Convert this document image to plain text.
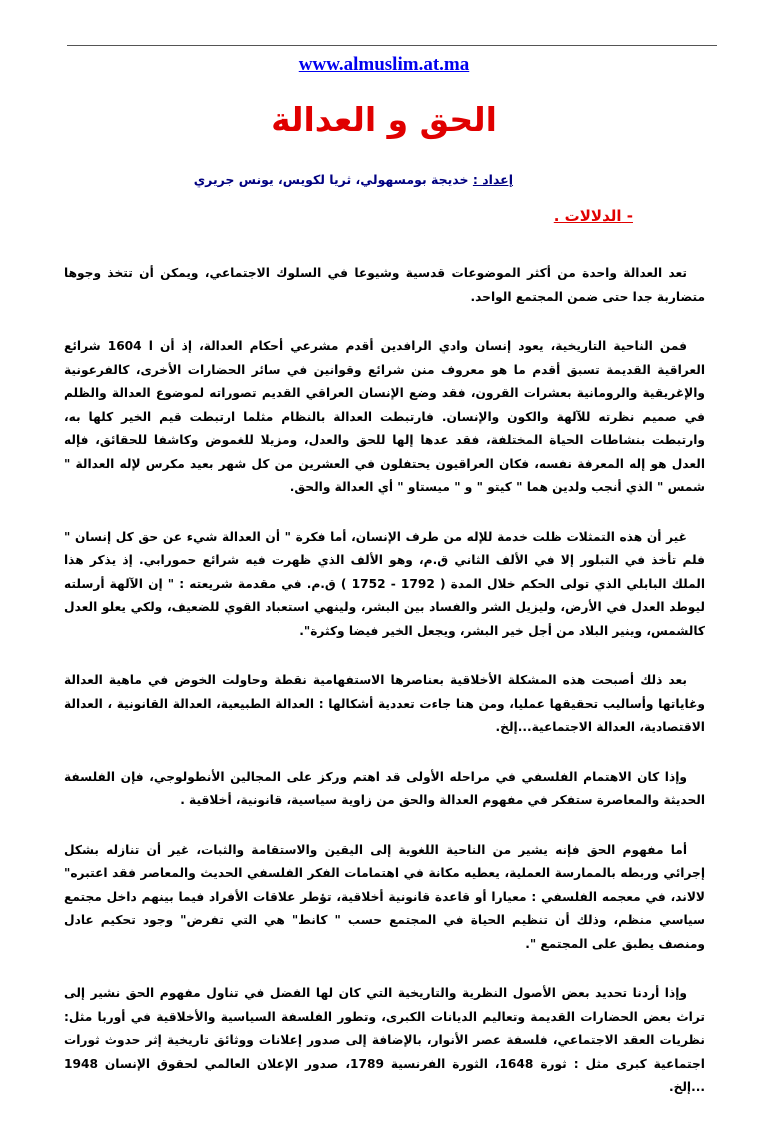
www.almuslim.at.ma
الحق و العدالة
إعداد : خديجة بومسهولي، ثريا لكويس، يونس جريري
- الدلالات .

تعد العدالة واحدة من أكثر الموضوعات قدسية وشيوعا في السلوك الاجتماعي، ويمكن أن تتخذ وجوها متضاربة جدا حتى ضمن المجتمع الواحد.

فمن الناحية التاريخية، يعود إنسان وادي الرافدين أقدم مشرعي أحكام العدالة، إذ أن ا 1604 شرائع العراقية القديمة تسبق أقدم ما هو معروف منن شرائع وقوانين في سائر الحضارات الأخرى، كالفرعونية والإغريقية والرومانية بعشرات القرون، فقد وضع الإنسان العراقي القديم تصوراته لموضوع العدالة والظلم في صميم نظرته للآلهة والكون والإنسان. فارتبطت العدالة بالنظام مثلما ارتبطت قيم الخير كلها به، وارتبطت بنشاطات الحياة المختلفة، فقد عدها إلها للحق والعدل، ومزيلا للغموض وكاشفا للحقائق، فإله العدل هو إله المعرفة نفسه، فكان العراقيون يحتفلون في العشرين من كل شهر بعيد مكرس لإله العدالة " شمس " الذي أنجب ولدين هما " كيتو " و " ميستاو " أي العدالة والحق.

غير أن هذه التمثلات ظلت خدمة للإله من طرف الإنسان، أما فكرة " أن العدالة شيء عن حق كل إنسان " فلم تأخذ في التبلور إلا في الألف الثاني ق.م، وهو الألف الذي ظهرت فيه شرائع حمورابي. إذ يذكر هذا الملك البابلي الذي تولى الحكم خلال المدة ( 1792 - 1752 ) ق.م. في مقدمة شريعته : " إن الآلهة أرسلته ليوطد العدل في الأرض، وليزيل الشر والفساد بين البشر، ولينهي استعباد القوي للضعيف، ولكي يعلو العدل كالشمس، وينير البلاد من أجل خير البشر، ويجعل الخير فيضا وكثرة".

بعد ذلك أصبحت هذه المشكلة الأخلاقية بعناصرها الاستفهامية نقطة وحاولت الخوض في ماهية العدالة وغاياتها وأساليب تحقيقها عمليا، ومن هنا جاءت تعددية أشكالها : العدالة الطبيعية، العدالة القانونية ، العدالة الاقتصادية، العدالة الاجتماعية...إلخ.

وإذا كان الاهتمام الفلسفي في مراحله الأولى قد اهتم وركز على المجالين الأنطولوجي، فإن الفلسفة الحديثة والمعاصرة ستفكر في مفهوم العدالة والحق من زاوية سياسية، قانونية، أخلاقية .

أما مفهوم الحق فإنه يشير من الناحية اللغوية إلى اليقين والاستقامة والثبات، غير أن تنازله بشكل إجرائي وربطه بالممارسة العملية، يعطيه مكانة في اهتمامات الفكر الفلسفي الحديث والمعاصر فقد اعتبره" لالاند، في معجمه الفلسفي : معيارا أو قاعدة قانونية أخلاقية، تؤطر علاقات الأفراد فيما بينهم داخل مجتمع سياسي منظم، وذلك أن تنظيم الحياة في المجتمع حسب " كانط" هي التي تفرض" وجود تحكيم عادل ومنصف يطبق على المجتمع ".

وإذا أردنا تحديد بعض الأصول النظرية والتاريخية التي كان لها الفضل في تناول مفهوم الحق نشير إلى تراث بعض الحضارات القديمة وتعاليم الديانات الكبرى، وتطور الفلسفة السياسية والأخلاقية في أوربا مثل: نظريات العقد الاجتماعي، فلسفة عصر الأنوار، بالإضافة إلى صدور إعلانات ووثائق تاريخية إثر حدوث ثورات اجتماعية كبرى مثل : ثورة 1648، الثورة الفرنسية 1789، صدور الإعلان العالمي لحقوق الإنسان 1948 ...إلخ.
